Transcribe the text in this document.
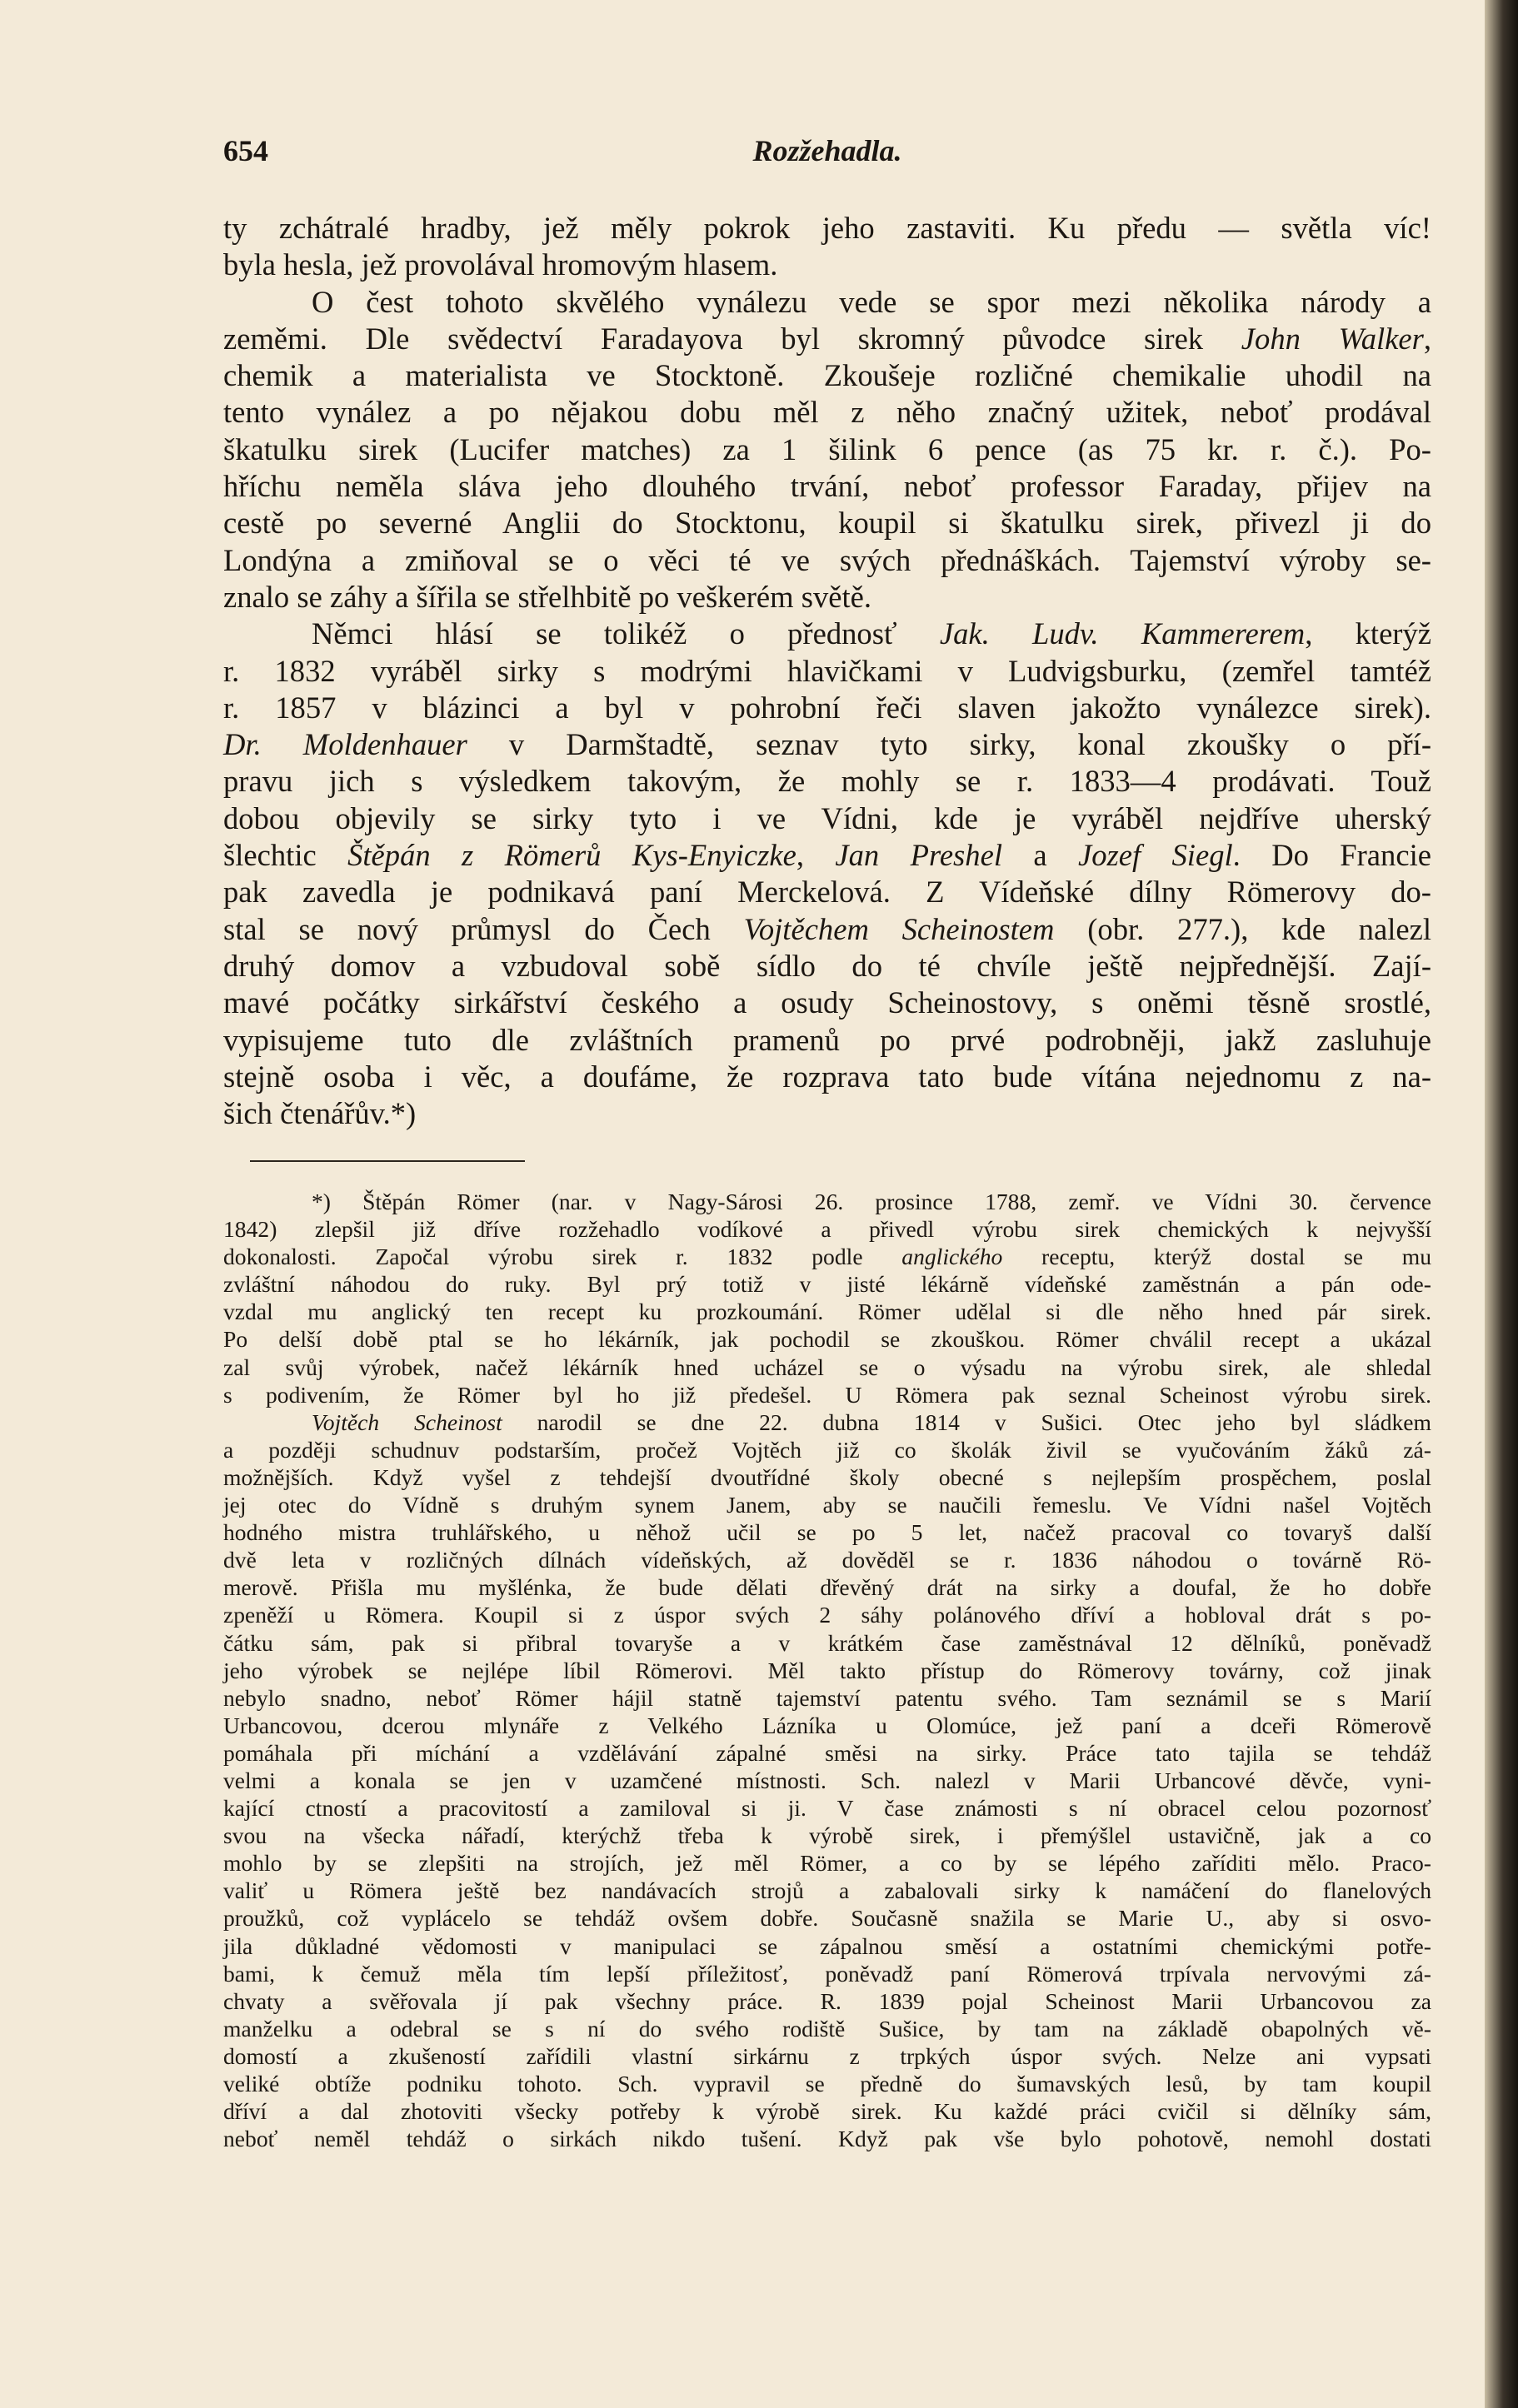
654	Rozžehadla.
ty zchátralé hradby, jež měly pokrok jeho zastaviti. Ku předu — světla víc!
byla hesla, jež provolával hromovým hlasem.
O čest tohoto skvělého vynálezu vede se spor mezi několika národy a
zeměmi. Dle svědectví Faradayova byl skromný původce sirek John Walker,
chemik a materialista ve Stocktoně. Zkoušeje rozličné chemikalie uhodil na
tento vynález a po nějakou dobu měl z něho značný užitek, neboť prodával
škatulku sirek (Lucifer matches) za 1 šilink 6 pence (as 75 kr. r. č.). Po-
hříchu neměla sláva jeho dlouhého trvání, neboť professor Faraday, přijev na
cestě po severné Anglii do Stocktonu, koupil si škatulku sirek, přivezl ji do
Londýna a zmiňoval se o věci té ve svých přednáškách. Tajemství výroby se-
znalo se záhy a šířila se střelhbitě po veškerém světě.
Němci hlásí se tolikéž o přednosť Jak. Ludv. Kammererem, kterýž
r. 1832 vyráběl sirky s modrými hlavičkami v Ludvigsburku, (zemřel tamtéž
r. 1857 v blázinci a byl v pohrobní řeči slaven jakožto vynálezce sirek).
Dr. Moldenhauer v Darmštadtě, seznav tyto sirky, konal zkoušky o pří-
pravu jich s výsledkem takovým, že mohly se r. 1833—4 prodávati. Touž
dobou objevily se sirky tyto i ve Vídni, kde je vyráběl nejdříve uherský
šlechtic Štěpán z Römerů Kys-Enyiczke, Jan Preshel a Jozef Siegl. Do Francie
pak zavedla je podnikavá paní Merckelová. Z Vídeňské dílny Römerovy do-
stal se nový průmysl do Čech Vojtěchem Scheinostem (obr. 277.), kde nalezl
druhý domov a vzbudoval sobě sídlo do té chvíle ještě nejpřednější. Zají-
mavé počátky sirkářství českého a osudy Scheinostovy, s oněmi těsně srostlé,
vypisujeme tuto dle zvláštních pramenů po prvé podrobněji, jakž zasluhuje
stejně osoba i věc, a doufáme, že rozprava tato bude vítána nejednomu z na-
šich čtenářův.*)
*) Štěpán Römer (nar. v Nagy-Sárosi 26. prosince 1788, zemř. ve Vídni 30. července
1842) zlepšil již dříve rozžehadlo vodíkové a přivedl výrobu sirek chemických k nejvyšší
dokonalosti. Započal výrobu sirek r. 1832 podle anglického receptu, kterýž dostal se mu
zvláštní náhodou do ruky. Byl prý totiž v jisté lékárně vídeňské zaměstnán a pán ode-
vzdal mu anglický ten recept ku prozkoumání. Römer udělal si dle něho hned pár sirek.
Po delší době ptal se ho lékárník, jak pochodil se zkouškou. Römer chválil recept a ukázal
zal svůj výrobek, načež lékárník hned ucházel se o výsadu na výrobu sirek, ale shledal
s podivením, že Römer byl ho již předešel. U Römera pak seznal Scheinost výrobu sirek.
Vojtěch Scheinost narodil se dne 22. dubna 1814 v Sušici. Otec jeho byl sládkem
a později schudnuv podstarším, pročež Vojtěch již co školák živil se vyučováním žáků zá-
možnějších. Když vyšel z tehdejší dvoutřídné školy obecné s nejlepším prospěchem, poslal
jej otec do Vídně s druhým synem Janem, aby se naučili řemeslu. Ve Vídni našel Vojtěch
hodného mistra truhlářského, u něhož učil se po 5 let, načež pracoval co tovaryš další
dvě leta v rozličných dílnách vídeňských, až dověděl se r. 1836 náhodou o továrně Rö-
merově. Přišla mu myšlénka, že bude dělati dřevěný drát na sirky a doufal, že ho dobře
zpeněží u Römera. Koupil si z úspor svých 2 sáhy polánového dříví a hobloval drát s po-
čátku sám, pak si přibral tovaryše a v krátkém čase zaměstnával 12 dělníků, poněvadž
jeho výrobek se nejlépe líbil Römerovi. Měl takto přístup do Römerovy továrny, což jinak
nebylo snadno, neboť Römer hájil statně tajemství patentu svého. Tam seznámil se s Marií
Urbancovou, dcerou mlynáře z Velkého Lázníka u Olomúce, jež paní a dceři Römerově
pomáhala při míchání a vzdělávání zápalné směsi na sirky. Práce tato tajila se tehdáž
velmi a konala se jen v uzamčené místnosti. Sch. nalezl v Marii Urbancové děvče, vyni-
kající ctností a pracovitostí a zamiloval si ji. V čase známosti s ní obracel celou pozornosť
svou na všecka nářadí, kterýchž třeba k výrobě sirek, i přemýšlel ustavičně, jak a co
mohlo by se zlepšiti na strojích, jež měl Römer, a co by se lépého zaříditi mělo. Praco-
valiť u Römera ještě bez nandávacích strojů a zabalovali sirky k namáčení do flanelových
proužků, což vyplácelo se tehdáž ovšem dobře. Současně snažila se Marie U., aby si osvo-
jila důkladné vědomosti v manipulaci se zápalnou směsí a ostatními chemickými potře-
bami, k čemuž měla tím lepší příležitosť, poněvadž paní Römerová trpívala nervovými zá-
chvaty a svěřovala jí pak všechny práce. R. 1839 pojal Scheinost Marii Urbancovou za
manželku a odebral se s ní do svého rodiště Sušice, by tam na základě obapolných vě-
domostí a zkušeností zařídili vlastní sirkárnu z trpkých úspor svých. Nelze ani vypsati
veliké obtíže podniku tohoto. Sch. vypravil se předně do šumavských lesů, by tam koupil
dříví a dal zhotoviti všecky potřeby k výrobě sirek. Ku každé práci cvičil si dělníky sám,
neboť neměl tehdáž o sirkách nikdo tušení. Když pak vše bylo pohotově, nemohl dostati
